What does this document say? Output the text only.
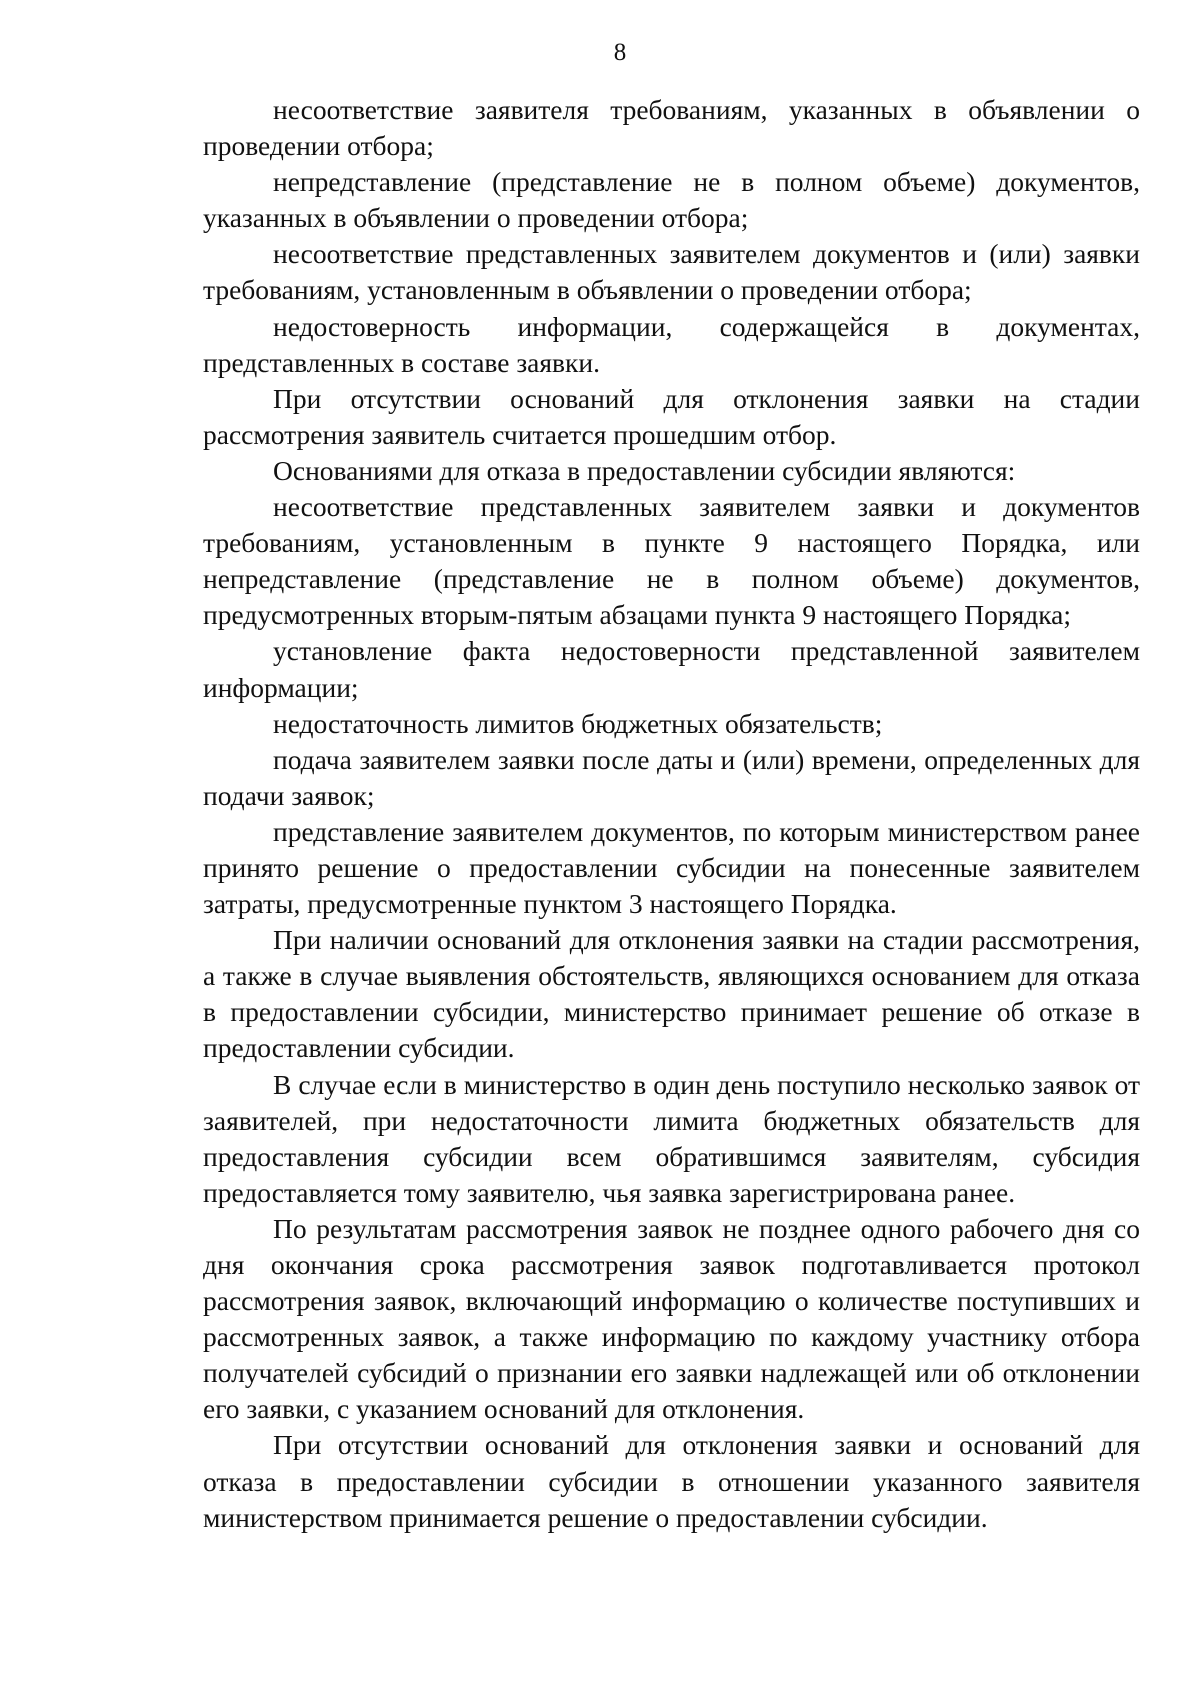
8

несоответствие заявителя требованиям, указанных в объявлении о проведении отбора;

непредставление (представление не в полном объеме) документов, указанных в объявлении о проведении отбора;

несоответствие представленных заявителем документов и (или) заявки требованиям, установленным в объявлении о проведении отбора;

недостоверность информации, содержащейся в документах, представленных в составе заявки.

При отсутствии оснований для отклонения заявки на стадии рассмотрения заявитель считается прошедшим отбор.

Основаниями для отказа в предоставлении субсидии являются:

несоответствие представленных заявителем заявки и документов требованиям, установленным в пункте 9 настоящего Порядка, или непредставление (представление не в полном объеме) документов, предусмотренных вторым-пятым абзацами пункта 9 настоящего Порядка;

установление факта недостоверности представленной заявителем информации;

недостаточность лимитов бюджетных обязательств;

подача заявителем заявки после даты и (или) времени, определенных для подачи заявок;

представление заявителем документов, по которым министерством ранее принято решение о предоставлении субсидии на понесенные заявителем затраты, предусмотренные пунктом 3 настоящего Порядка.

При наличии оснований для отклонения заявки на стадии рассмотрения, а также в случае выявления обстоятельств, являющихся основанием для отказа в предоставлении субсидии, министерство принимает решение об отказе в предоставлении субсидии.

В случае если в министерство в один день поступило несколько заявок от заявителей, при недостаточности лимита бюджетных обязательств для предоставления субсидии всем обратившимся заявителям, субсидия предоставляется тому заявителю, чья заявка зарегистрирована ранее.

По результатам рассмотрения заявок не позднее одного рабочего дня со дня окончания срока рассмотрения заявок подготавливается протокол рассмотрения заявок, включающий информацию о количестве поступивших и рассмотренных заявок, а также информацию по каждому участнику отбора получателей субсидий о признании его заявки надлежащей или об отклонении его заявки, с указанием оснований для отклонения.

При отсутствии оснований для отклонения заявки и оснований для отказа в предоставлении субсидии в отношении указанного заявителя министерством принимается решение о предоставлении субсидии.
